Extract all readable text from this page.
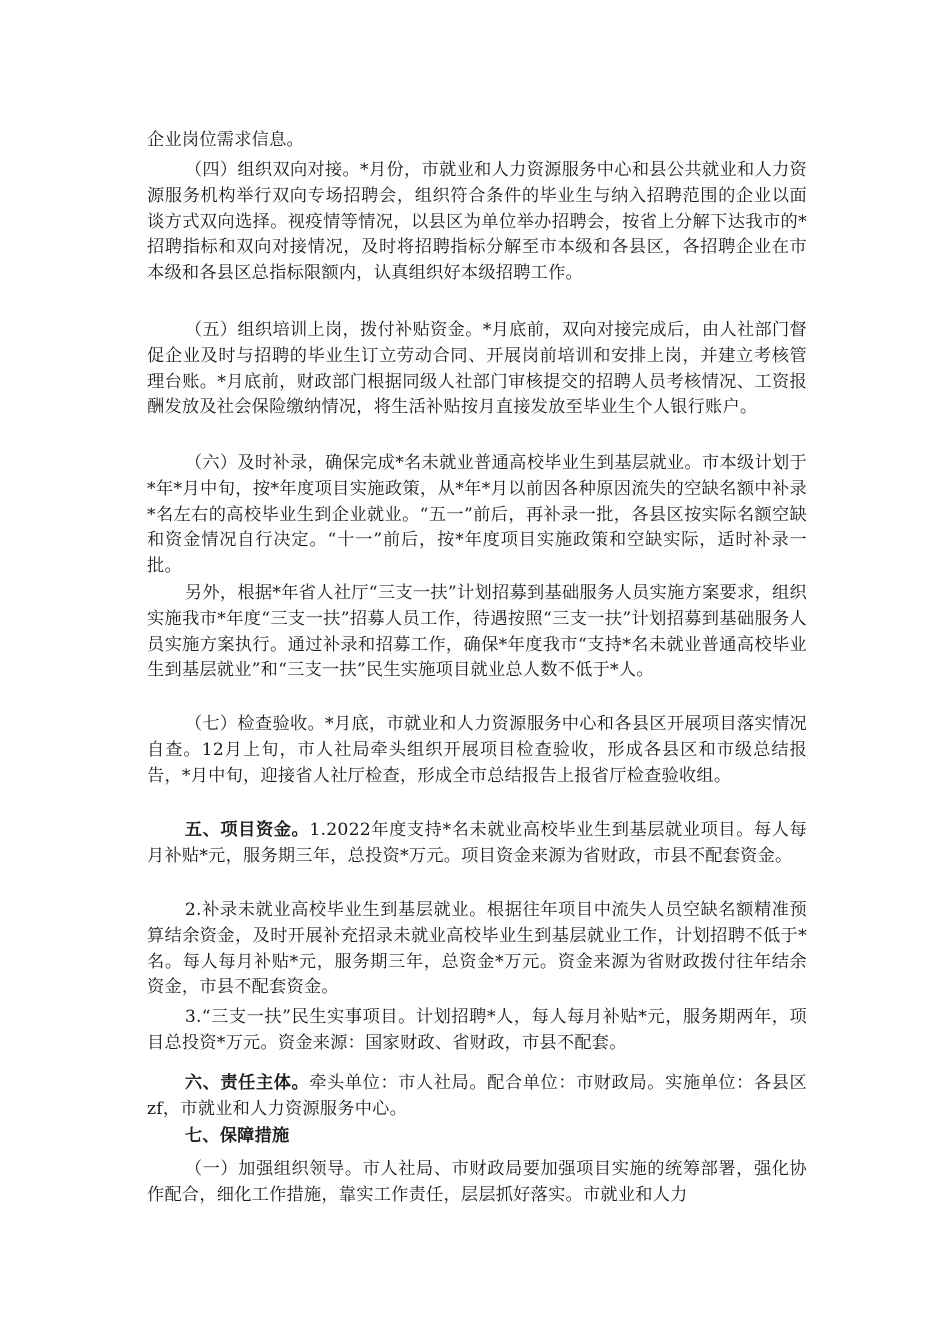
企业岗位需求信息。

（四）组织双向对接。*月份，市就业和人力资源服务中心和县公共就业和人力资源服务机构举行双向专场招聘会，组织符合条件的毕业生与纳入招聘范围的企业以面谈方式双向选择。视疫情等情况，以县区为单位举办招聘会，按省上分解下达我市的*招聘指标和双向对接情况，及时将招聘指标分解至市本级和各县区，各招聘企业在市本级和各县区总指标限额内，认真组织好本级招聘工作。

（五）组织培训上岗，拨付补贴资金。*月底前，双向对接完成后，由人社部门督促企业及时与招聘的毕业生订立劳动合同、开展岗前培训和安排上岗，并建立考核管理台账。*月底前，财政部门根据同级人社部门审核提交的招聘人员考核情况、工资报酬发放及社会保险缴纳情况，将生活补贴按月直接发放至毕业生个人银行账户。

（六）及时补录，确保完成*名未就业普通高校毕业生到基层就业。市本级计划于*年*月中旬，按*年度项目实施政策，从*年*月以前因各种原因流失的空缺名额中补录*名左右的高校毕业生到企业就业。“五一”前后，再补录一批，各县区按实际名额空缺和资金情况自行决定。“十一”前后，按*年度项目实施政策和空缺实际，适时补录一批。

另外，根据*年省人社厅“三支一扶”计划招募到基础服务人员实施方案要求，组织实施我市*年度“三支一扶”招募人员工作，待遇按照“三支一扶”计划招募到基础服务人员实施方案执行。通过补录和招募工作，确保*年度我市“支持*名未就业普通高校毕业生到基层就业”和“三支一扶”民生实施项目就业总人数不低于*人。

（七）检查验收。*月底，市就业和人力资源服务中心和各县区开展项目落实情况自查。12月上旬，市人社局牵头组织开展项目检查验收，形成各县区和市级总结报告，*月中旬，迎接省人社厅检查，形成全市总结报告上报省厅检查验收组。

五、项目资金。1.2022年度支持*名未就业高校毕业生到基层就业项目。每人每月补贴*元，服务期三年，总投资*万元。项目资金来源为省财政，市县不配套资金。

2.补录未就业高校毕业生到基层就业。根据往年项目中流失人员空缺名额精准预算结余资金，及时开展补充招录未就业高校毕业生到基层就业工作，计划招聘不低于*名。每人每月补贴*元，服务期三年，总资金*万元。资金来源为省财政拨付往年结余资金，市县不配套资金。

3.“三支一扶”民生实事项目。计划招聘*人，每人每月补贴*元，服务期两年，项目总投资*万元。资金来源：国家财政、省财政，市县不配套。

六、责任主体。牵头单位：市人社局。配合单位：市财政局。实施单位：各县区zf，市就业和人力资源服务中心。

七、保障措施

（一）加强组织领导。市人社局、市财政局要加强项目实施的统筹部署，强化协作配合，细化工作措施，靠实工作责任，层层抓好落实。市就业和人力
